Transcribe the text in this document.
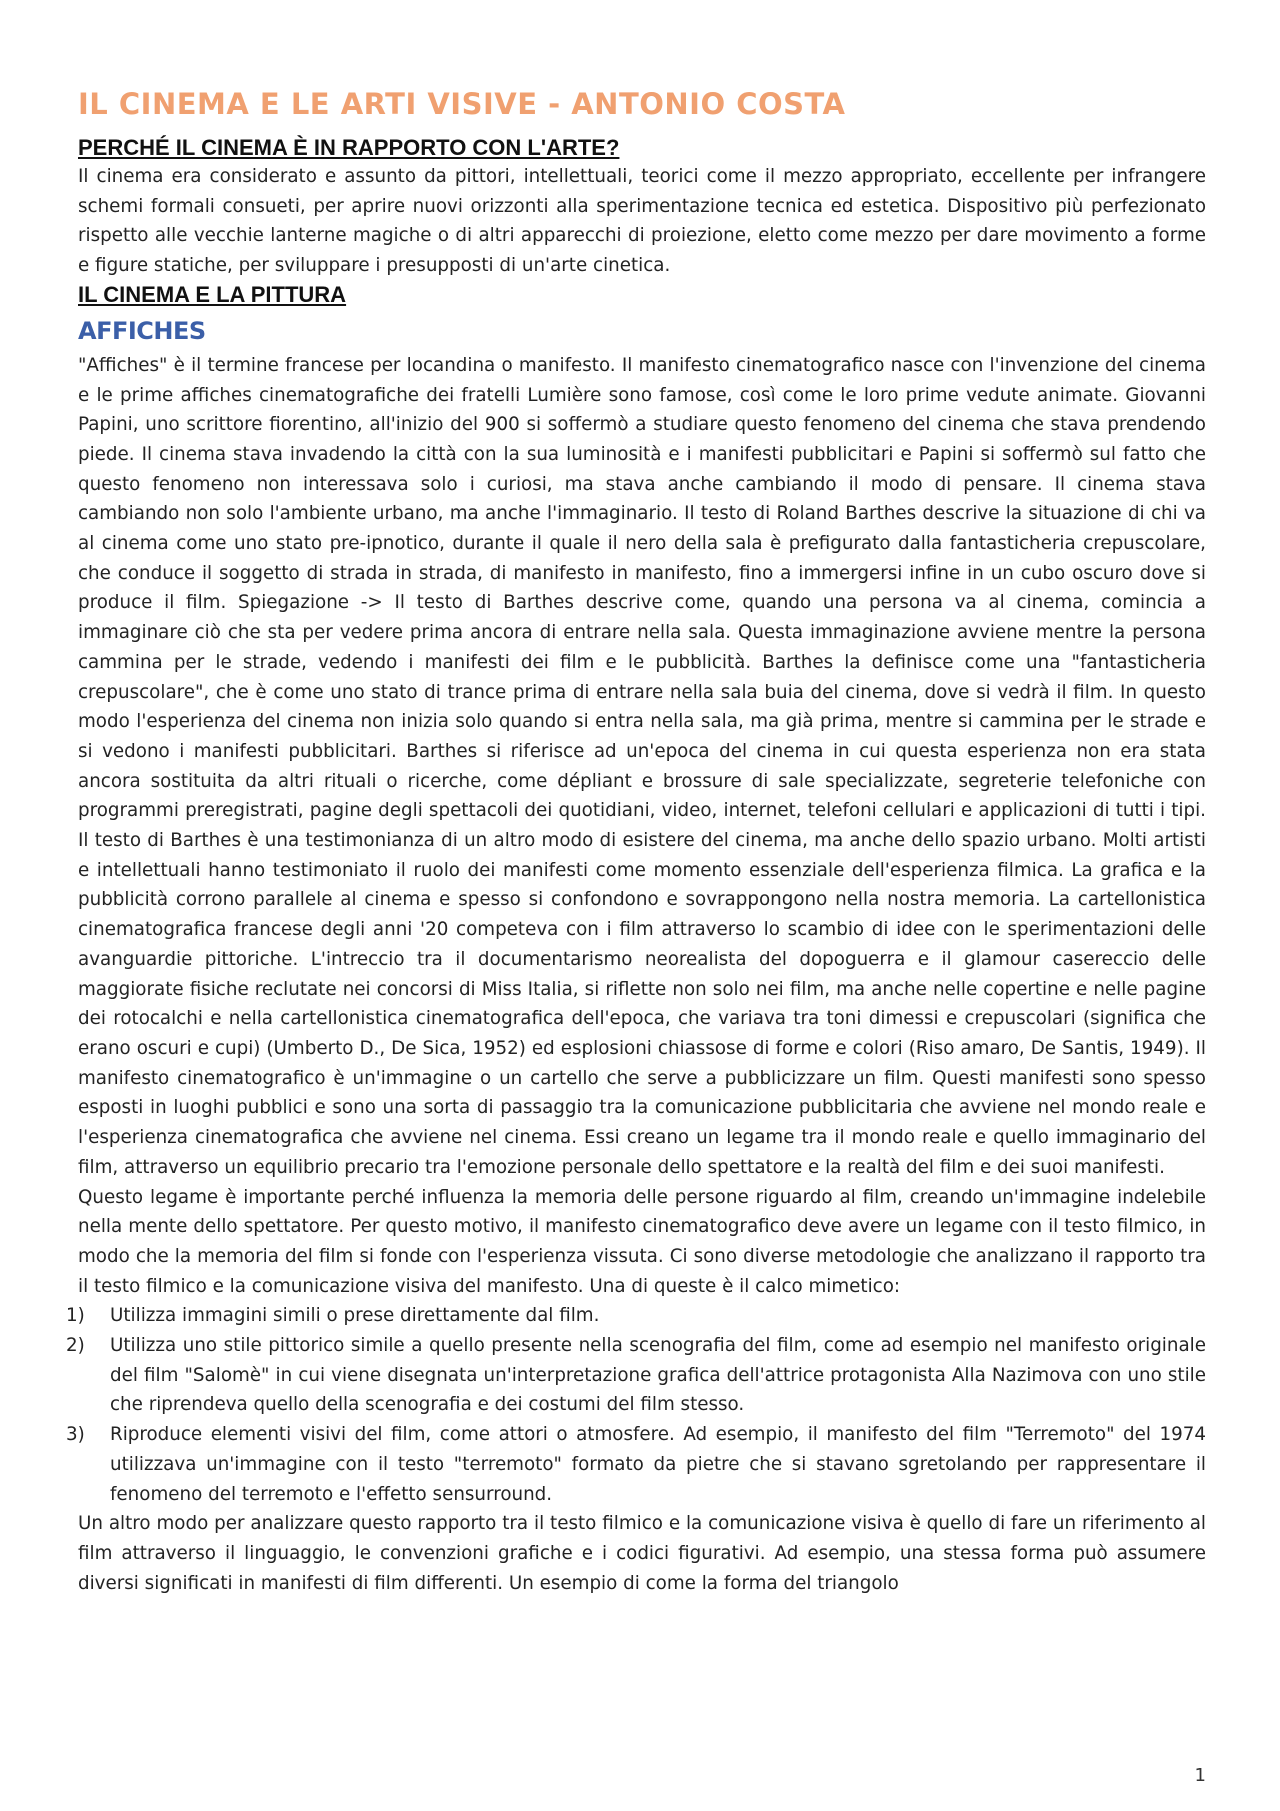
IL CINEMA E LE ARTI VISIVE - ANTONIO COSTA
PERCHÉ IL CINEMA È IN RAPPORTO CON L'ARTE?

Il cinema era considerato e assunto da pittori, intellettuali, teorici come il mezzo appropriato, eccellente per infrangere schemi formali consueti, per aprire nuovi orizzonti alla sperimentazione tecnica ed estetica. Dispositivo più perfezionato rispetto alle vecchie lanterne magiche o di altri apparecchi di proiezione, eletto come mezzo per dare movimento a forme e figure statiche, per sviluppare i presupposti di un'arte cinetica.

IL CINEMA E LA PITTURA
AFFICHES

"Affiches" è il termine francese per locandina o manifesto. Il manifesto cinematografico nasce con l'invenzione del cinema e le prime affiches cinematografiche dei fratelli Lumière sono famose, così come le loro prime vedute animate. Giovanni Papini, uno scrittore fiorentino, all'inizio del 900 si soffermò a studiare questo fenomeno del cinema che stava prendendo piede. Il cinema stava invadendo la città con la sua luminosità e i manifesti pubblicitari e Papini si soffermò sul fatto che questo fenomeno non interessava solo i curiosi, ma stava anche cambiando il modo di pensare. Il cinema stava cambiando non solo l'ambiente urbano, ma anche l'immaginario. Il testo di Roland Barthes descrive la situazione di chi va al cinema come uno stato pre-ipnotico, durante il quale il nero della sala è prefigurato dalla fantasticheria crepuscolare, che conduce il soggetto di strada in strada, di manifesto in manifesto, fino a immergersi infine in un cubo oscuro dove si produce il film. Spiegazione -> Il testo di Barthes descrive come, quando una persona va al cinema, comincia a immaginare ciò che sta per vedere prima ancora di entrare nella sala. Questa immaginazione avviene mentre la persona cammina per le strade, vedendo i manifesti dei film e le pubblicità. Barthes la definisce come una "fantasticheria crepuscolare", che è come uno stato di trance prima di entrare nella sala buia del cinema, dove si vedrà il film. In questo modo l'esperienza del cinema non inizia solo quando si entra nella sala, ma già prima, mentre si cammina per le strade e si vedono i manifesti pubblicitari. Barthes si riferisce ad un'epoca del cinema in cui questa esperienza non era stata ancora sostituita da altri rituali o ricerche, come dépliant e brossure di sale specializzate, segreterie telefoniche con programmi preregistrati, pagine degli spettacoli dei quotidiani, video, internet, telefoni cellulari e applicazioni di tutti i tipi. Il testo di Barthes è una testimonianza di un altro modo di esistere del cinema, ma anche dello spazio urbano. Molti artisti e intellettuali hanno testimoniato il ruolo dei manifesti come momento essenziale dell'esperienza filmica. La grafica e la pubblicità corrono parallele al cinema e spesso si confondono e sovrappongono nella nostra memoria. La cartellonistica cinematografica francese degli anni '20 competeva con i film attraverso lo scambio di idee con le sperimentazioni delle avanguardie pittoriche. L'intreccio tra il documentarismo neorealista del dopoguerra e il glamour casereccio delle maggiorate fisiche reclutate nei concorsi di Miss Italia, si riflette non solo nei film, ma anche nelle copertine e nelle pagine dei rotocalchi e nella cartellonistica cinematografica dell'epoca, che variava tra toni dimessi e crepuscolari (significa che erano oscuri e cupi) (Umberto D., De Sica, 1952) ed esplosioni chiassose di forme e colori (Riso amaro, De Santis, 1949). Il manifesto cinematografico è un'immagine o un cartello che serve a pubblicizzare un film. Questi manifesti sono spesso esposti in luoghi pubblici e sono una sorta di passaggio tra la comunicazione pubblicitaria che avviene nel mondo reale e l'esperienza cinematografica che avviene nel cinema. Essi creano un legame tra il mondo reale e quello immaginario del film, attraverso un equilibrio precario tra l'emozione personale dello spettatore e la realtà del film e dei suoi manifesti.

Questo legame è importante perché influenza la memoria delle persone riguardo al film, creando un'immagine indelebile nella mente dello spettatore. Per questo motivo, il manifesto cinematografico deve avere un legame con il testo filmico, in modo che la memoria del film si fonde con l'esperienza vissuta. Ci sono diverse metodologie che analizzano il rapporto tra il testo filmico e la comunicazione visiva del manifesto. Una di queste è il calco mimetico:

1)	Utilizza immagini simili o prese direttamente dal film.
2)	Utilizza uno stile pittorico simile a quello presente nella scenografia del film, come ad esempio nel manifesto originale del film "Salomè" in cui viene disegnata un'interpretazione grafica dell'attrice protagonista Alla Nazimova con uno stile che riprendeva quello della scenografia e dei costumi del film stesso.
3)	Riproduce elementi visivi del film, come attori o atmosfere. Ad esempio, il manifesto del film "Terremoto" del 1974 utilizzava un'immagine con il testo "terremoto" formato da pietre che si stavano sgretolando per rappresentare il fenomeno del terremoto e l'effetto sensurround.

Un altro modo per analizzare questo rapporto tra il testo filmico e la comunicazione visiva è quello di fare un riferimento al film attraverso il linguaggio, le convenzioni grafiche e i codici figurativi. Ad esempio, una stessa forma può assumere diversi significati in manifesti di film differenti. Un esempio di come la forma del triangolo

1
